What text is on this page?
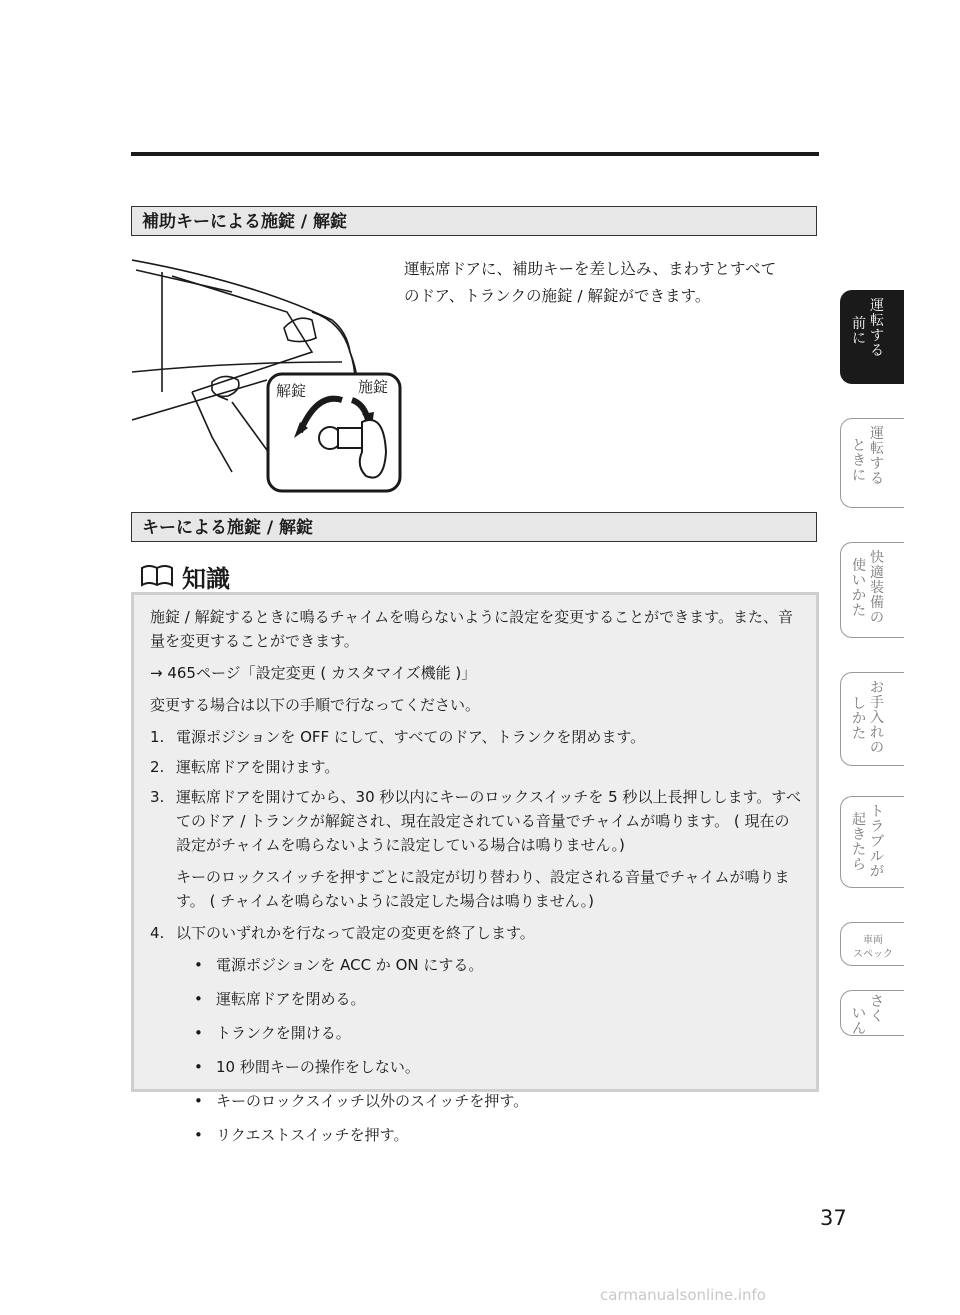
補助キーによる施錠 / 解錠
運転席ドアに、補助キーを差し込み、まわすとすべて
のドア、トランクの施錠 / 解錠ができます。
解錠	施錠
キーによる施錠 / 解錠
知識

施錠 / 解錠するときに鳴るチャイムを鳴らないように設定を変更することができます。また、音量を変更することができます。

→ 465ページ「設定変更 ( カスタマイズ機能 )」

変更する場合は以下の手順で行なってください。

1. 電源ポジションを OFF にして、すべてのドア、トランクを閉めます。
2. 運転席ドアを開けます。
3. 運転席ドアを開けてから、30 秒以内にキーのロックスイッチを 5 秒以上長押しします。すべてのドア / トランクが解錠され、現在設定されている音量でチャイムが鳴ります。 ( 現在の設定がチャイムを鳴らないように設定している場合は鳴りません。)

キーのロックスイッチを押すごとに設定が切り替わり、設定される音量でチャイムが鳴ります。 ( チャイムを鳴らないように設定した場合は鳴りません。)

4. 以下のいずれかを行なって設定の変更を終了します。
• 電源ポジションを ACC か ON にする。
• 運転席ドアを閉める。
• トランクを開ける。
• 10 秒間キーの操作をしない。
• キーのロックスイッチ以外のスイッチを押す。
• リクエストスイッチを押す。
前に
運転する
ときに
運転する
使いかた
快適装備の
しかた
お手入れの
起きたら
トラブルが
車両
スペック
いん
さく
37
carmanualsonline.info
